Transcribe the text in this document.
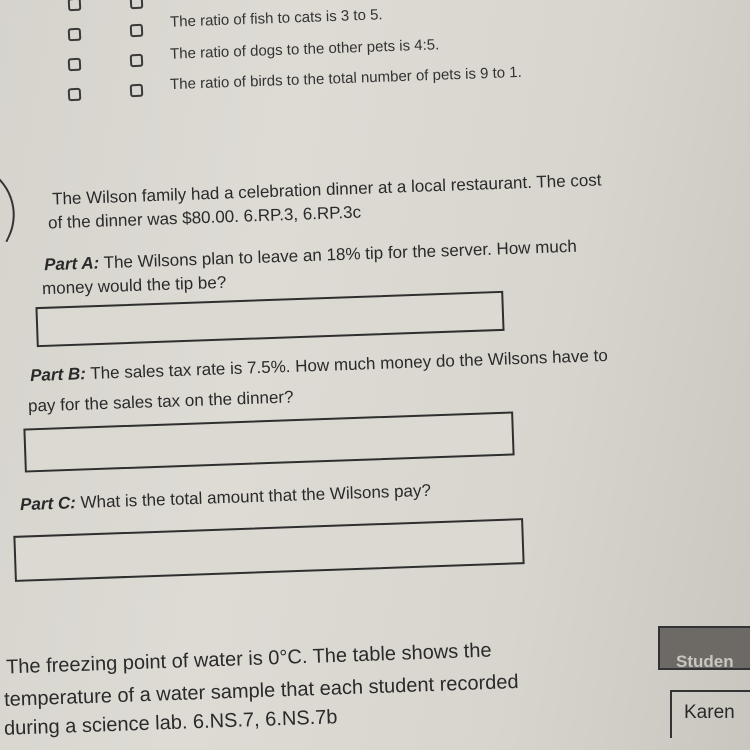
The ratio of fish to cats is 3 to 5.
The ratio of dogs to the other pets is 4:5.
The ratio of birds to the total number of pets is 9 to 1.
The Wilson family had a celebration dinner at a local restaurant. The cost
of the dinner was $80.00. 6.RP.3, 6.RP.3c
Part A: The Wilsons plan to leave an 18% tip for the server. How much
money would the tip be?
Part B: The sales tax rate is 7.5%. How much money do the Wilsons have to
pay for the sales tax on the dinner?
Part C: What is the total amount that the Wilsons pay?
The freezing point of water is 0°C. The table shows the
temperature of a water sample that each student recorded
during a science lab. 6.NS.7, 6.NS.7b
Studen
Karen
